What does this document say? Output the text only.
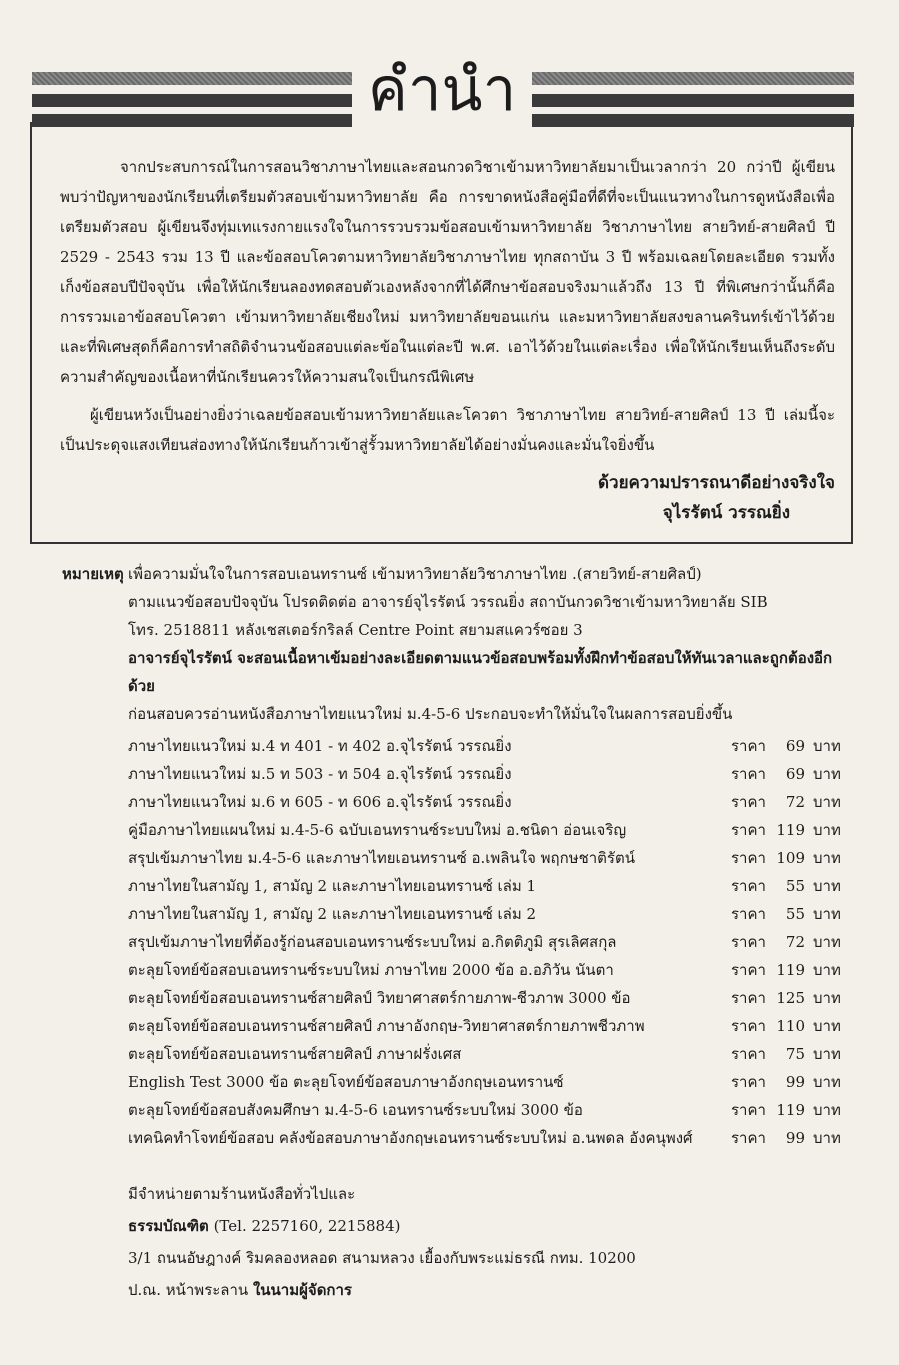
คำนำ
จากประสบการณ์ในการสอนวิชาภาษาไทยและสอนกวดวิชาเข้ามหาวิทยาลัยมาเป็นเวลากว่า 20 กว่าปี ผู้เขียนพบว่าปัญหาของนักเรียนที่เตรียมตัวสอบเข้ามหาวิทยาลัย คือ การขาดหนังสือคู่มือที่ดีที่จะเป็นแนวทางในการดูหนังสือเพื่อเตรียมตัวสอบ ผู้เขียนจึงทุ่มเทแรงกายแรงใจในการรวบรวมข้อสอบเข้ามหาวิทยาลัย วิชาภาษาไทย สายวิทย์-สายศิลป์ ปี 2529 - 2543 รวม 13 ปี และข้อสอบโควตามหาวิทยาลัยวิชาภาษาไทย ทุกสถาบัน 3 ปี พร้อมเฉลยโดยละเอียด รวมทั้งเก็งข้อสอบปีปัจจุบัน เพื่อให้นักเรียนลองทดสอบตัวเองหลังจากที่ได้ศึกษาข้อสอบจริงมาแล้วถึง 13 ปี ที่พิเศษกว่านั้นก็คือ การรวมเอาข้อสอบโควตา เข้ามหาวิทยาลัยเชียงใหม่ มหาวิทยาลัยขอนแก่น และมหาวิทยาลัยสงขลานครินทร์เข้าไว้ด้วย และที่พิเศษสุดก็คือการทำสถิติจำนวนข้อสอบแต่ละข้อในแต่ละปี พ.ศ. เอาไว้ด้วยในแต่ละเรื่อง เพื่อให้นักเรียนเห็นถึงระดับความสำคัญของเนื้อหาที่นักเรียนควรให้ความสนใจเป็นกรณีพิเศษ
ผู้เขียนหวังเป็นอย่างยิ่งว่าเฉลยข้อสอบเข้ามหาวิทยาลัยและโควตา วิชาภาษาไทย สายวิทย์-สายศิลป์ 13 ปี เล่มนี้จะเป็นประดุจแสงเทียนส่องทางให้นักเรียนก้าวเข้าสู่รั้วมหาวิทยาลัยได้อย่างมั่นคงและมั่นใจยิ่งขึ้น
ด้วยความปรารถนาดีอย่างจริงใจ
จุไรรัตน์ วรรณยิ่ง
หมายเหตุ เพื่อความมั่นใจในการสอบเอนทรานซ์ เข้ามหาวิทยาลัยวิชาภาษาไทย .(สายวิทย์-สายศิลป์)
ตามแนวข้อสอบปัจจุบัน โปรดติดต่อ อาจารย์จุไรรัตน์ วรรณยิ่ง สถาบันกวดวิชาเข้ามหาวิทยาลัย SIB
โทร. 2518811 หลังเชสเตอร์กริลล์ Centre Point สยามสแควร์ซอย 3
อาจารย์จุไรรัตน์ จะสอนเนื้อหาเข้มอย่างละเอียดตามแนวข้อสอบพร้อมทั้งฝึกทำข้อสอบให้ทันเวลาและถูกต้องอีกด้วย
ก่อนสอบควรอ่านหนังสือภาษาไทยแนวใหม่ ม.4-5-6 ประกอบจะทำให้มั่นใจในผลการสอบยิ่งขึ้น
ภาษาไทยแนวใหม่ ม.4 ท 401 - ท 402 อ.จุไรรัตน์ วรรณยิ่ง	ราคา	69 บาท
ภาษาไทยแนวใหม่ ม.5 ท 503 - ท 504 อ.จุไรรัตน์ วรรณยิ่ง	ราคา	69 บาท
ภาษาไทยแนวใหม่ ม.6 ท 605 - ท 606 อ.จุไรรัตน์ วรรณยิ่ง	ราคา	72 บาท
คู่มือภาษาไทยแผนใหม่ ม.4-5-6 ฉบับเอนทรานซ์ระบบใหม่ อ.ชนิดา อ่อนเจริญ	ราคา 119 บาท
สรุปเข้มภาษาไทย ม.4-5-6 และภาษาไทยเอนทรานซ์ อ.เพลินใจ พฤกษชาติรัตน์	ราคา 109 บาท
ภาษาไทยในสามัญ 1, สามัญ 2 และภาษาไทยเอนทรานซ์ เล่ม 1	ราคา	55 บาท
ภาษาไทยในสามัญ 1, สามัญ 2 และภาษาไทยเอนทรานซ์ เล่ม 2	ราคา	55 บาท
สรุปเข้มภาษาไทยที่ต้องรู้ก่อนสอบเอนทรานซ์ระบบใหม่ อ.กิตติภูมิ สุรเลิศสกุล	ราคา	72 บาท
ตะลุยโจทย์ข้อสอบเอนทรานซ์ระบบใหม่ ภาษาไทย 2000 ข้อ อ.อภิวัน นันตา	ราคา 119 บาท
ตะลุยโจทย์ข้อสอบเอนทรานซ์สายศิลป์ วิทยาศาสตร์กายภาพ-ชีวภาพ 3000 ข้อ	ราคา 125 บาท
ตะลุยโจทย์ข้อสอบเอนทรานซ์สายศิลป์ ภาษาอังกฤษ-วิทยาศาสตร์กายภาพชีวภาพ	ราคา 110 บาท
ตะลุยโจทย์ข้อสอบเอนทรานซ์สายศิลป์ ภาษาฝรั่งเศส	ราคา	75 บาท
English Test 3000 ข้อ ตะลุยโจทย์ข้อสอบภาษาอังกฤษเอนทรานซ์	ราคา	99 บาท
ตะลุยโจทย์ข้อสอบสังคมศึกษา ม.4-5-6 เอนทรานซ์ระบบใหม่ 3000 ข้อ	ราคา 119 บาท
เทคนิคทำโจทย์ข้อสอบ คลังข้อสอบภาษาอังกฤษเอนทรานซ์ระบบใหม่ อ.นพดล อังคนุพงศ์	ราคา	99 บาท
มีจำหน่ายตามร้านหนังสือทั่วไปและ
ธรรมบัณฑิต (Tel. 2257160, 2215884)
3/1 ถนนอัษฎางค์ ริมคลองหลอด สนามหลวง เยื้องกับพระแม่ธรณี กทม. 10200
ป.ณ. หน้าพระลาน ในนามผู้จัดการ
